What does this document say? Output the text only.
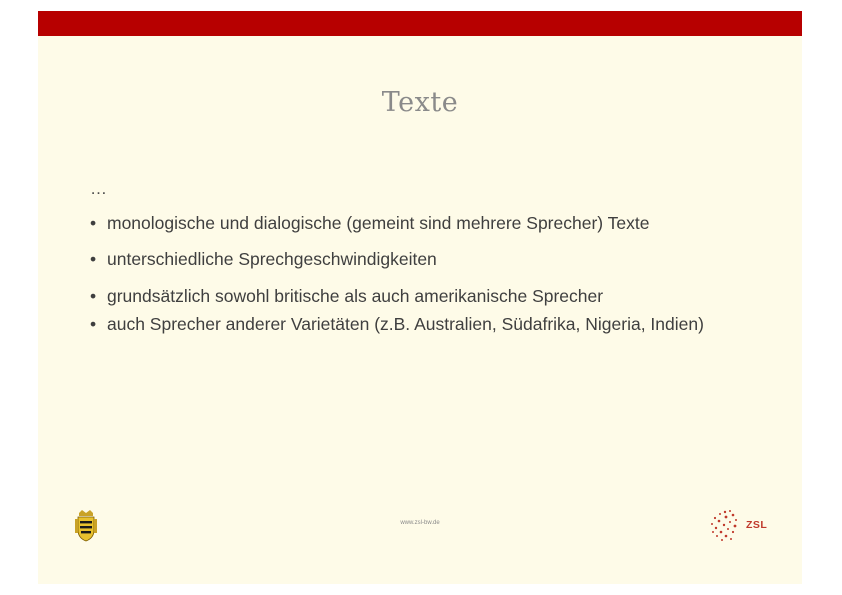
Texte
…
• monologische und dialogische (gemeint sind mehrere Sprecher) Texte
• unterschiedliche Sprechgeschwindigkeiten
• grundsätzlich sowohl britische als auch amerikanische Sprecher
• auch Sprecher anderer Varietäten (z.B. Australien, Südafrika, Nigeria, Indien)
www.zsl-bw.de	ZSL
